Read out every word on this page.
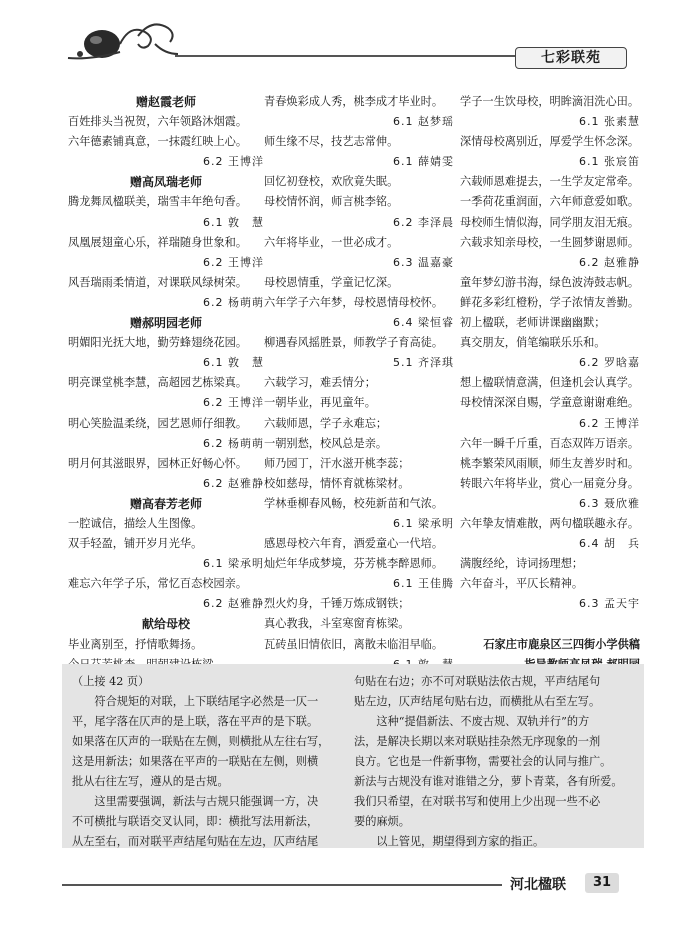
七彩联苑
赠赵霞老师
百姓排头当祝贺，六年领路沐烟霞。
六年德素铺真意，一抹霞红映上心。
6.2 王博洋
赠高凤瑞老师
腾龙舞凤楹联美，瑞雪丰年绝句香。
6.1 敦　慧
凤凰展翅童心乐，祥瑞随身世象和。
6.2 王博洋
风吾瑞雨柔情道，对课联风绿树荣。
6.2 杨萌萌
赠郝明园老师
明媚阳光抚大地，勤劳蜂翅绕花园。
6.1 敦　慧
明亮课堂桃李慧，高超园艺栋梁真。
6.2 王博洋
明心笑脸温柔绕，园艺恩师仔细教。
6.2 杨萌萌
明月何其滋眼界，园林正好畅心怀。
6.2 赵雅静
赠高春芳老师
一腔诚信，描绘人生图像。
双手轻盈，铺开岁月光华。
6.1 梁承明
难忘六年学子乐，常忆百态校园亲。
6.2 赵雅静
献给母校
毕业离别至，抒情歌舞扬。
青春焕彩成人秀，桃李成才毕业时。
6.1 赵梦瑶
师生缘不尽，技艺志常伸。
6.1 薛婧雯
回忆初登校，欢欣竟失眠。
母校情怀润，师言桃李铭。
6.2 李泽晨
六年将毕业，一世必成才。
6.3 温嘉豪
母校恩情重，学童记忆深。
六年学子六年梦，母校恩情母校怀。
6.4 梁恒睿
柳遇春风摇胜景，师教学子育高徒。
5.1 齐泽琪
六载学习，难丢情分；
一朝毕业，再见童年。
六载师恩，学子永难忘；
一朝别愁，校风总是亲。
师乃园丁，汗水滋开桃李蕊；
校如慈母，情怀育就栋梁材。
学林垂柳春风畅，校苑新苗和气浓。
6.1 梁承明
感恩母校六年育，酒爱童心一代培。
灿烂年华成梦境，芬芳桃李醉恩师。
6.1 王佳腾
烈火灼身，千锤万炼成钢铁；
真心教我，斗室寒窗育栋梁。
瓦砖虽旧情依旧，离散未临泪早临。
学子一生饮母校，明眸滴泪洗心田。
6.1 张素慧
深情母校离别近，厚爱学生怀念深。
6.1 张宸笛
六载师恩难提去，一生学友定常牵。
一季荷花重润面，六年师意爱如歌。
母校师生情似海，同学朋友泪无痕。
六载求知亲母校，一生圆梦谢恩师。
6.2 赵雅静
童年梦幻游书海，绿色波涛鼓志帆。
鲜花多彩红橙粉，学子浓情友善勤。
初上楹联，老师讲课幽幽默；
真交朋友，俏笔编联乐乐和。
6.2 罗晗嘉
想上楹联情意满，但逢机会认真学。
母校情深深自赐，学童意谢谢难绝。
6.2 王博洋
六年一瞬千斤重，百态双阵万语亲。
桃李繁荣风雨顺，师生友善岁时和。
转眼六年将毕业，赏心一届竟分身。
6.3 聂欣雅
六年挚友情难散，两句楹联趣永存。
6.4 胡　兵
满腹经纶，诗词扬理想；
六年奋斗，平仄长精神。
6.3 孟天宇
石家庄市鹿泉区三四街小学供稿
（上接 42 页）
符合规矩的对联，上下联结尾字必然是一仄一
平，尾字落在仄声的是上联，落在平声的是下联。
如果落在仄声的一联贴在左侧，则横批从左往右写，
这是用新法；如果落在平声的一联贴在左侧，则横
批从右往左写，遵从的是古规。
这里需要强调，新法与古规只能强调一方，决
不可横批与联语交叉认同，即：横批写法用新法，
从左至右，而对联平声结尾句贴在左边，仄声结尾
句贴在右边；亦不可对联贴法依古规，平声结尾句
贴左边，仄声结尾句贴右边，而横批从右至左写。
这种“提倡新法、不废古规、双轨并行”的方
法，是解决长期以来对联贴挂杂然无序现象的一剂
良方。它也是一件新事物，需要社会的认同与推广。
新法与古规没有谁对谁错之分，萝卜青菜，各有所爱。
我们只希望，在对联书写和使用上少出现一些不必
要的麻烦。
以上管见，期望得到方家的指正。
河北楹联	31
